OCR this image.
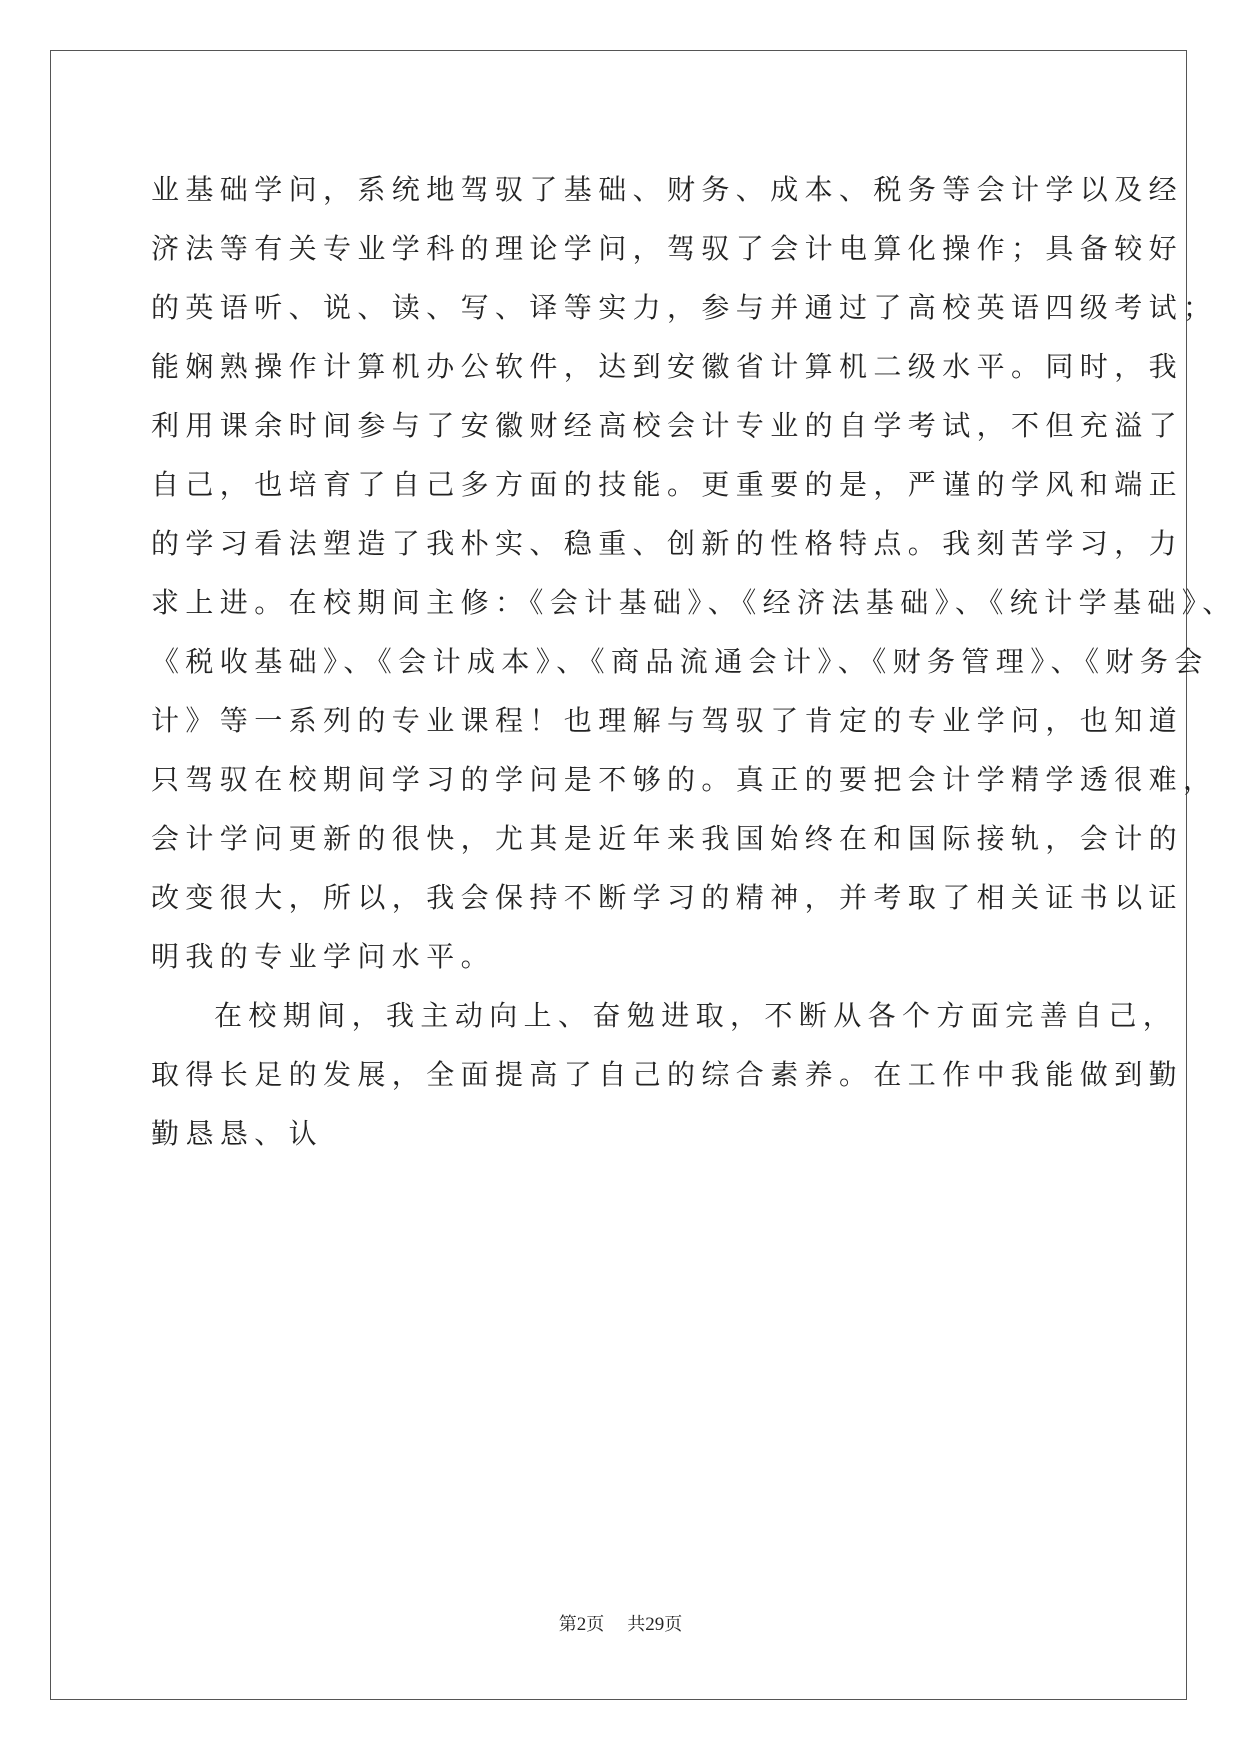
业基础学问，系统地驾驭了基础、财务、成本、税务等会计学以及经
济法等有关专业学科的理论学问，驾驭了会计电算化操作；具备较好
的英语听、说、读、写、译等实力，参与并通过了高校英语四级考试；
能娴熟操作计算机办公软件，达到安徽省计算机二级水平。同时，我
利用课余时间参与了安徽财经高校会计专业的自学考试，不但充溢了
自己，也培育了自己多方面的技能。更重要的是，严谨的学风和端正
的学习看法塑造了我朴实、稳重、创新的性格特点。我刻苦学习，力
求上进。在校期间主修：《会计基础》、《经济法基础》、《统计学基础》、
《税收基础》、《会计成本》、《商品流通会计》、《财务管理》、《财务会
计》等一系列的专业课程！也理解与驾驭了肯定的专业学问，也知道
只驾驭在校期间学习的学问是不够的。真正的要把会计学精学透很难，
会计学问更新的很快，尤其是近年来我国始终在和国际接轨，会计的
改变很大，所以，我会保持不断学习的精神，并考取了相关证书以证
明我的专业学问水平。
在校期间，我主动向上、奋勉进取，不断从各个方面完善自己，
取得长足的发展，全面提高了自己的综合素养。在工作中我能做到勤
勤恳恳、认
第2页 共29页
